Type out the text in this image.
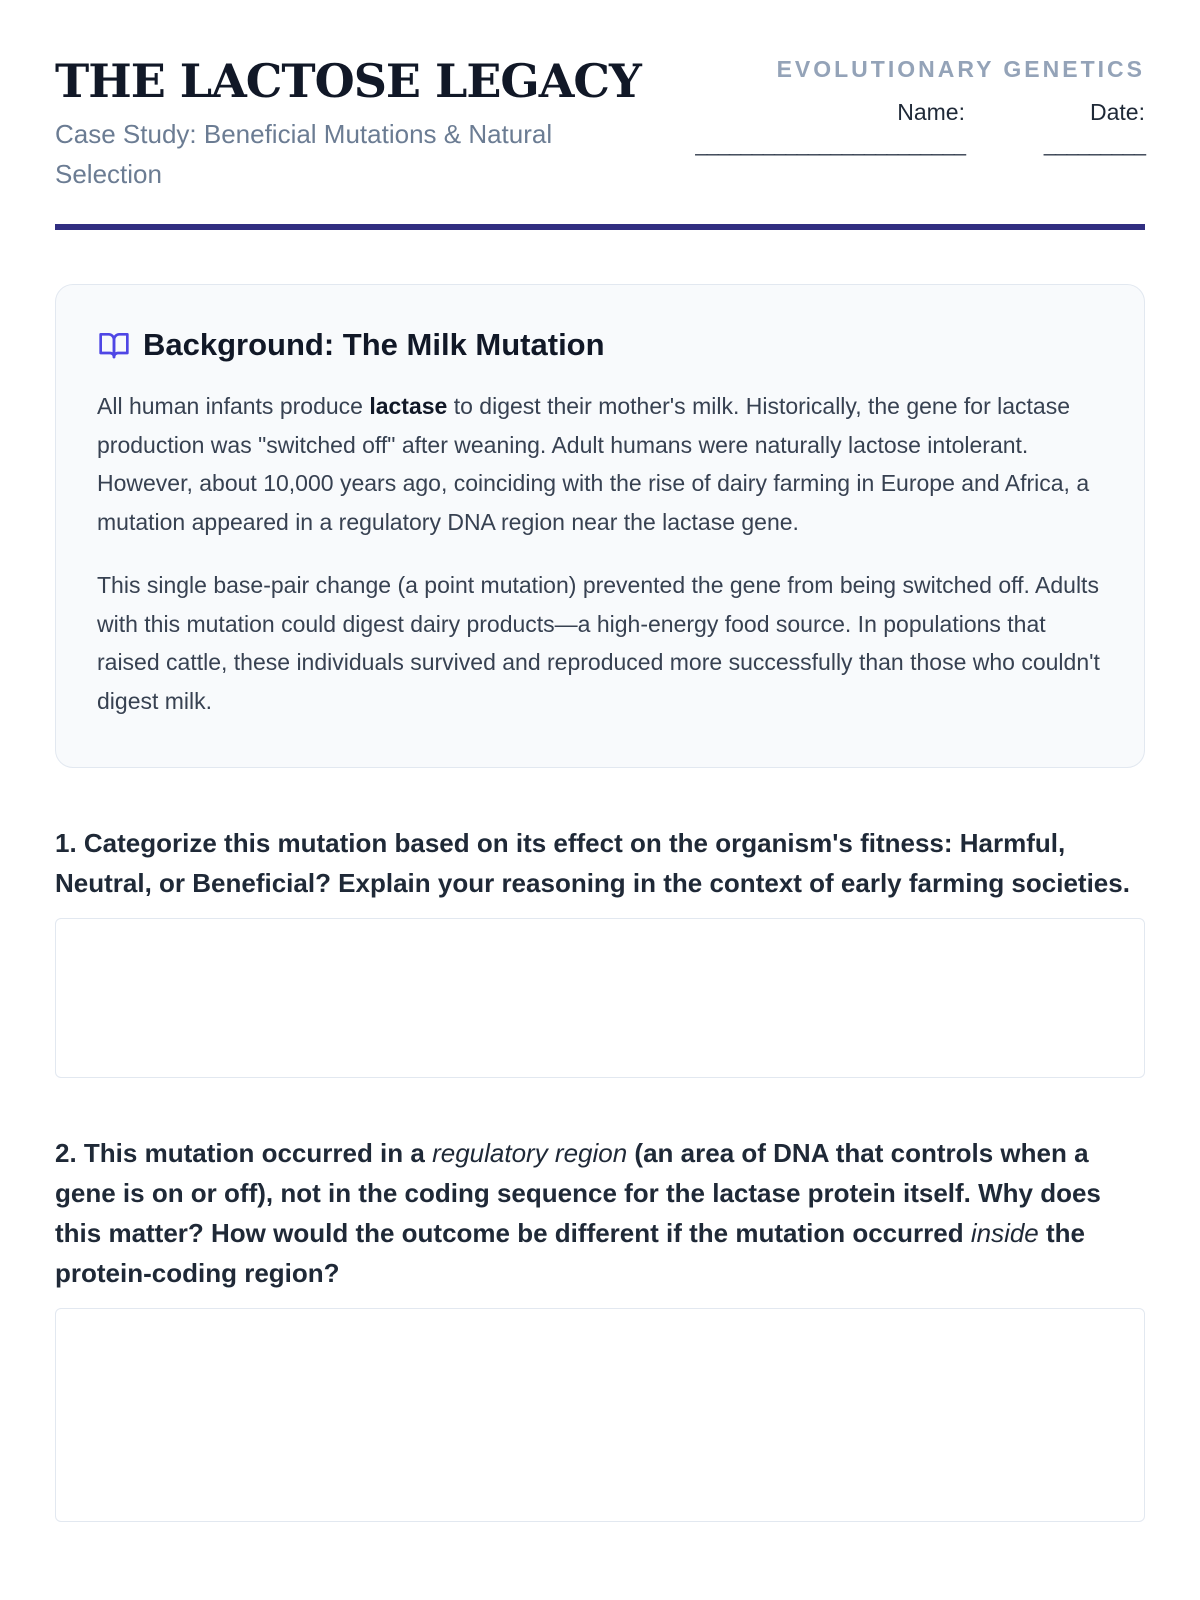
THE LACTOSE LEGACY
Case Study: Beneficial Mutations & Natural Selection
EVOLUTIONARY GENETICS
Name:
________________________
Date:
_________
Background: The Milk Mutation

All human infants produce lactase to digest their mother's milk. Historically, the gene for lactase production was "switched off" after weaning. Adult humans were naturally lactose intolerant. However, about 10,000 years ago, coinciding with the rise of dairy farming in Europe and Africa, a mutation appeared in a regulatory DNA region near the lactase gene.

This single base-pair change (a point mutation) prevented the gene from being switched off. Adults with this mutation could digest dairy products—a high-energy food source. In populations that raised cattle, these individuals survived and reproduced more successfully than those who couldn't digest milk.

1. Categorize this mutation based on its effect on the organism's fitness: Harmful, Neutral, or Beneficial? Explain your reasoning in the context of early farming societies.

2. This mutation occurred in a regulatory region (an area of DNA that controls when a gene is on or off), not in the coding sequence for the lactase protein itself. Why does this matter? How would the outcome be different if the mutation occurred inside the protein-coding region?
